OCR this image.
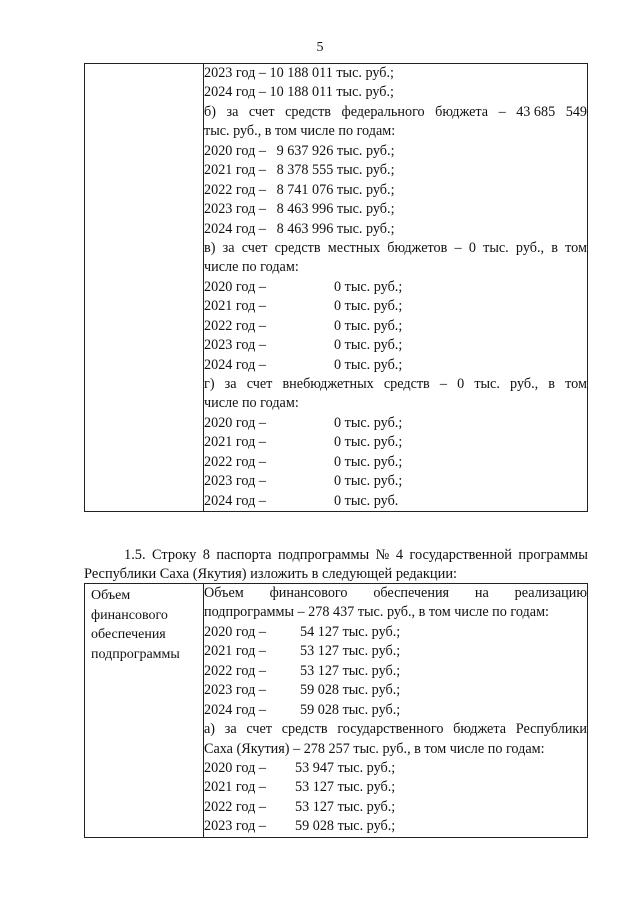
5

2023 год – 10 188 011 тыс. руб.;
2024 год – 10 188 011 тыс. руб.;
б) за счет средств федерального бюджета – 43 685 549
тыс. руб., в том числе по годам:
2020 год –   9 637 926 тыс. руб.;
2021 год –   8 378 555 тыс. руб.;
2022 год –   8 741 076 тыс. руб.;
2023 год –   8 463 996 тыс. руб.;
2024 год –   8 463 996 тыс. руб.;
в) за счет средств местных бюджетов – 0 тыс. руб., в том
числе по годам:
2020 год –	0 тыс. руб.;
2021 год –	0 тыс. руб.;
2022 год –	0 тыс. руб.;
2023 год –	0 тыс. руб.;
2024 год –	0 тыс. руб.;
г) за счет внебюджетных средств – 0 тыс. руб., в том
числе по годам:
2020 год –	0 тыс. руб.;
2021 год –	0 тыс. руб.;
2022 год –	0 тыс. руб.;
2023 год –	0 тыс. руб.;
2024 год –	0 тыс. руб.
1.5. Строку 8 паспорта подпрограммы № 4 государственной программы
Республики Саха (Якутия) изложить в следующей редакции:
Объем финансового обеспечения подпрограммы

Объем финансового обеспечения на реализацию
подпрограммы – 278 437 тыс. руб., в том числе по годам:
2020 год –	54 127 тыс. руб.;
2021 год –	53 127 тыс. руб.;
2022 год –	53 127 тыс. руб.;
2023 год –	59 028 тыс. руб.;
2024 год –	59 028 тыс. руб.;
а) за счет средств государственного бюджета Республики
Саха (Якутия) – 278 257 тыс. руб., в том числе по годам:
2020 год –	53 947 тыс. руб.;
2021 год –	53 127 тыс. руб.;
2022 год –	53 127 тыс. руб.;
2023 год –	59 028 тыс. руб.;
